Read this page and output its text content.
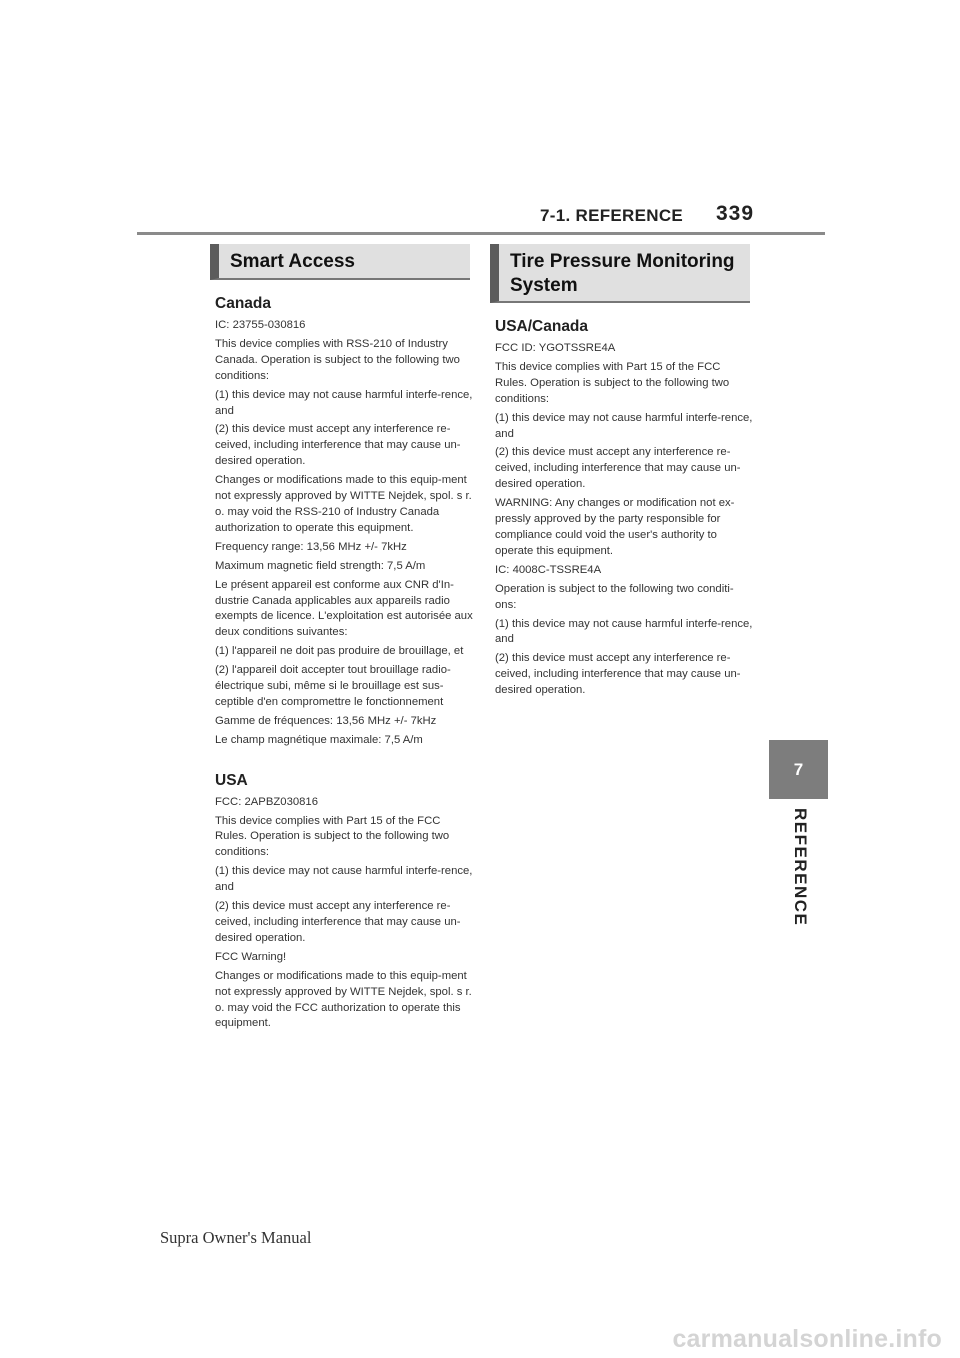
7-1. REFERENCE 339
7
REFERENCE
Smart Access
Canada

IC: 23755-030816

This device complies with RSS-210 of Industry Canada. Operation is subject to the following two conditions:

(1) this device may not cause harmful interfe-rence, and

(2) this device must accept any interference re-ceived, including interference that may cause un-desired operation.

Changes or modifications made to this equip-ment not expressly approved by WITTE Nejdek, spol. s r. o. may void the RSS-210 of Industry Canada authorization to operate this equipment.

Frequency range: 13,56 MHz +/- 7kHz

Maximum magnetic field strength: 7,5 A/m

Le présent appareil est conforme aux CNR d'In-dustrie Canada applicables aux appareils radio exempts de licence. L'exploitation est autorisée aux deux conditions suivantes:

(1) l'appareil ne doit pas produire de brouillage, et

(2) l'appareil doit accepter tout brouillage radio-électrique subi, même si le brouillage est sus-ceptible d'en compromettre le fonctionnement

Gamme de fréquences: 13,56 MHz +/- 7kHz

Le champ magnétique maximale: 7,5 A/m

USA

FCC: 2APBZ030816

This device complies with Part 15 of the FCC Rules. Operation is subject to the following two conditions:

(1) this device may not cause harmful interfe-rence, and

(2) this device must accept any interference re-ceived, including interference that may cause un-desired operation.

FCC Warning!

Changes or modifications made to this equip-ment not expressly approved by WITTE Nejdek, spol. s r. o. may void the FCC authorization to operate this equipment.

Tire Pressure Monitoring System
USA/Canada

FCC ID: YGOTSSRE4A

This device complies with Part 15 of the FCC Rules. Operation is subject to the following two conditions:

(1) this device may not cause harmful interfe-rence, and

(2) this device must accept any interference re-ceived, including interference that may cause un-desired operation.

WARNING: Any changes or modification not ex-pressly approved by the party responsible for compliance could void the user's authority to operate this equipment.

IC: 4008C-TSSRE4A

Operation is subject to the following two conditi-ons:

(1) this device may not cause harmful interfe-rence, and

(2) this device must accept any interference re-ceived, including interference that may cause un-desired operation.

Supra Owner's Manual
carmanualsonline.info
